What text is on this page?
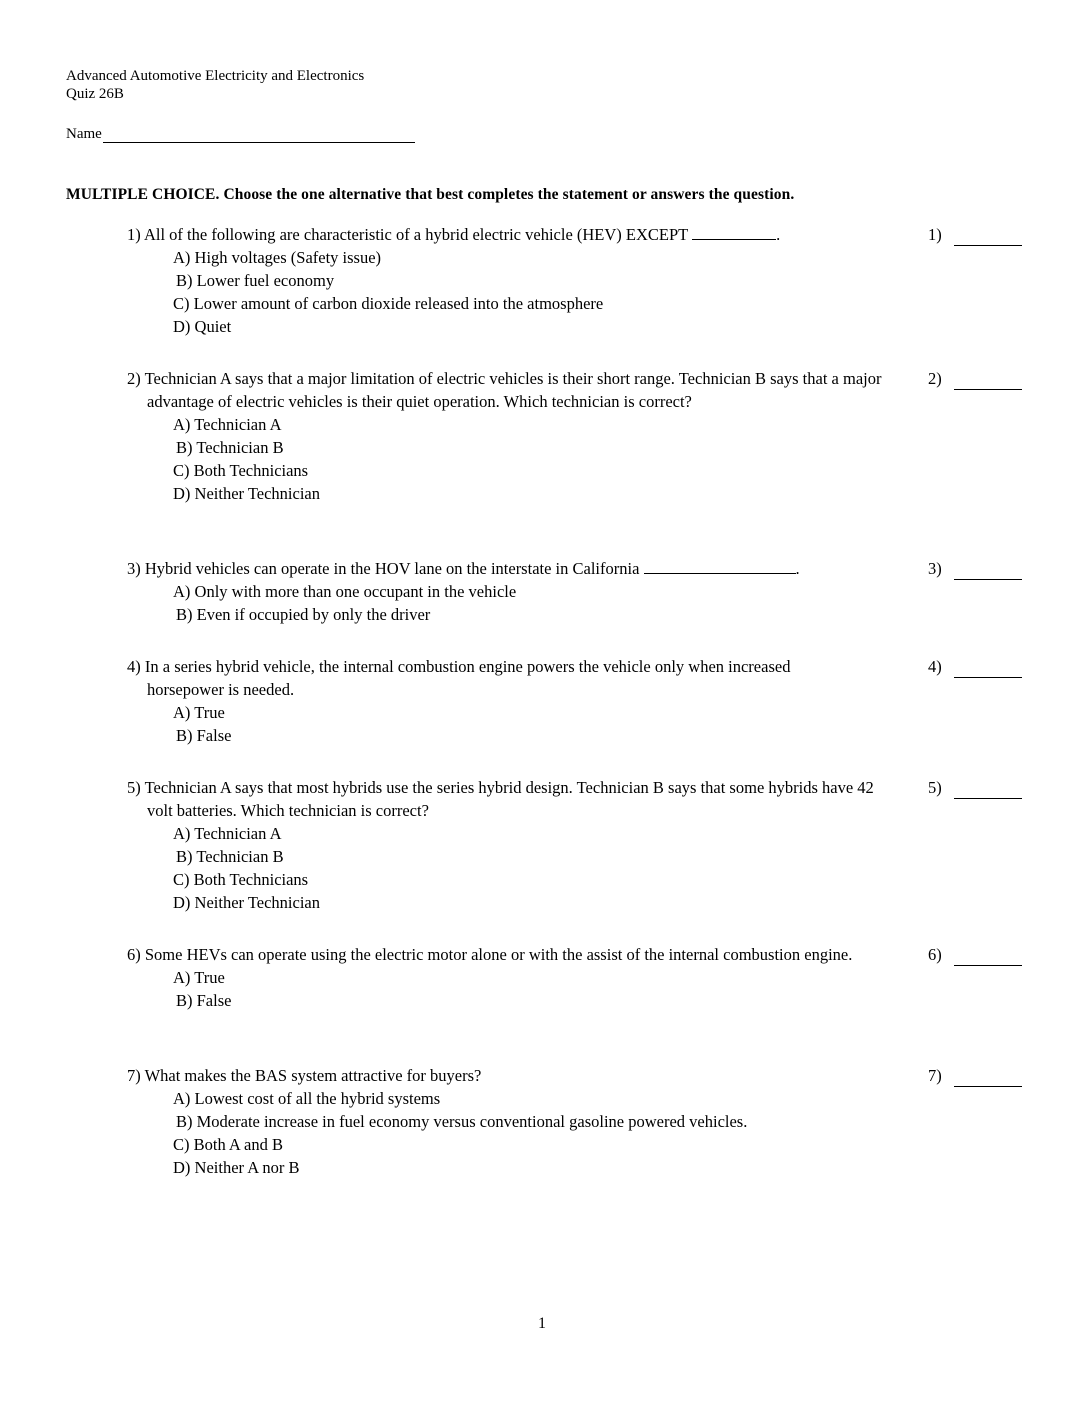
Advanced Automotive Electricity and Electronics
Quiz 26B
Name
MULTIPLE CHOICE. Choose the one alternative that best completes the statement or answers the question.
1) All of the following are characteristic of a hybrid electric vehicle (HEV) EXCEPT	.
A) High voltages (Safety issue)
B) Lower fuel economy
C) Lower amount of carbon dioxide released into the atmosphere
D) Quiet
1)
2) Technician A says that a major limitation of electric vehicles is their short range. Technician B says that a major advantage of electric vehicles is their quiet operation. Which technician is correct?
A) Technician A
B) Technician B
C) Both Technicians
D) Neither Technician
2)
3) Hybrid vehicles can operate in the HOV lane on the interstate in California	.
A) Only with more than one occupant in the vehicle
B) Even if occupied by only the driver
3)
4) In a series hybrid vehicle, the internal combustion engine powers the vehicle only when increased horsepower is needed.
A) True
B) False
4)
5) Technician A says that most hybrids use the series hybrid design. Technician B says that some hybrids have 42 volt batteries. Which technician is correct?
A) Technician A
B) Technician B
C) Both Technicians
D) Neither Technician
5)
6) Some HEVs can operate using the electric motor alone or with the assist of the internal combustion engine.
A) True
B) False
6)
7) What makes the BAS system attractive for buyers?
A) Lowest cost of all the hybrid systems
B) Moderate increase in fuel economy versus conventional gasoline powered vehicles.
C) Both A and B
D) Neither A nor B
7)
1
